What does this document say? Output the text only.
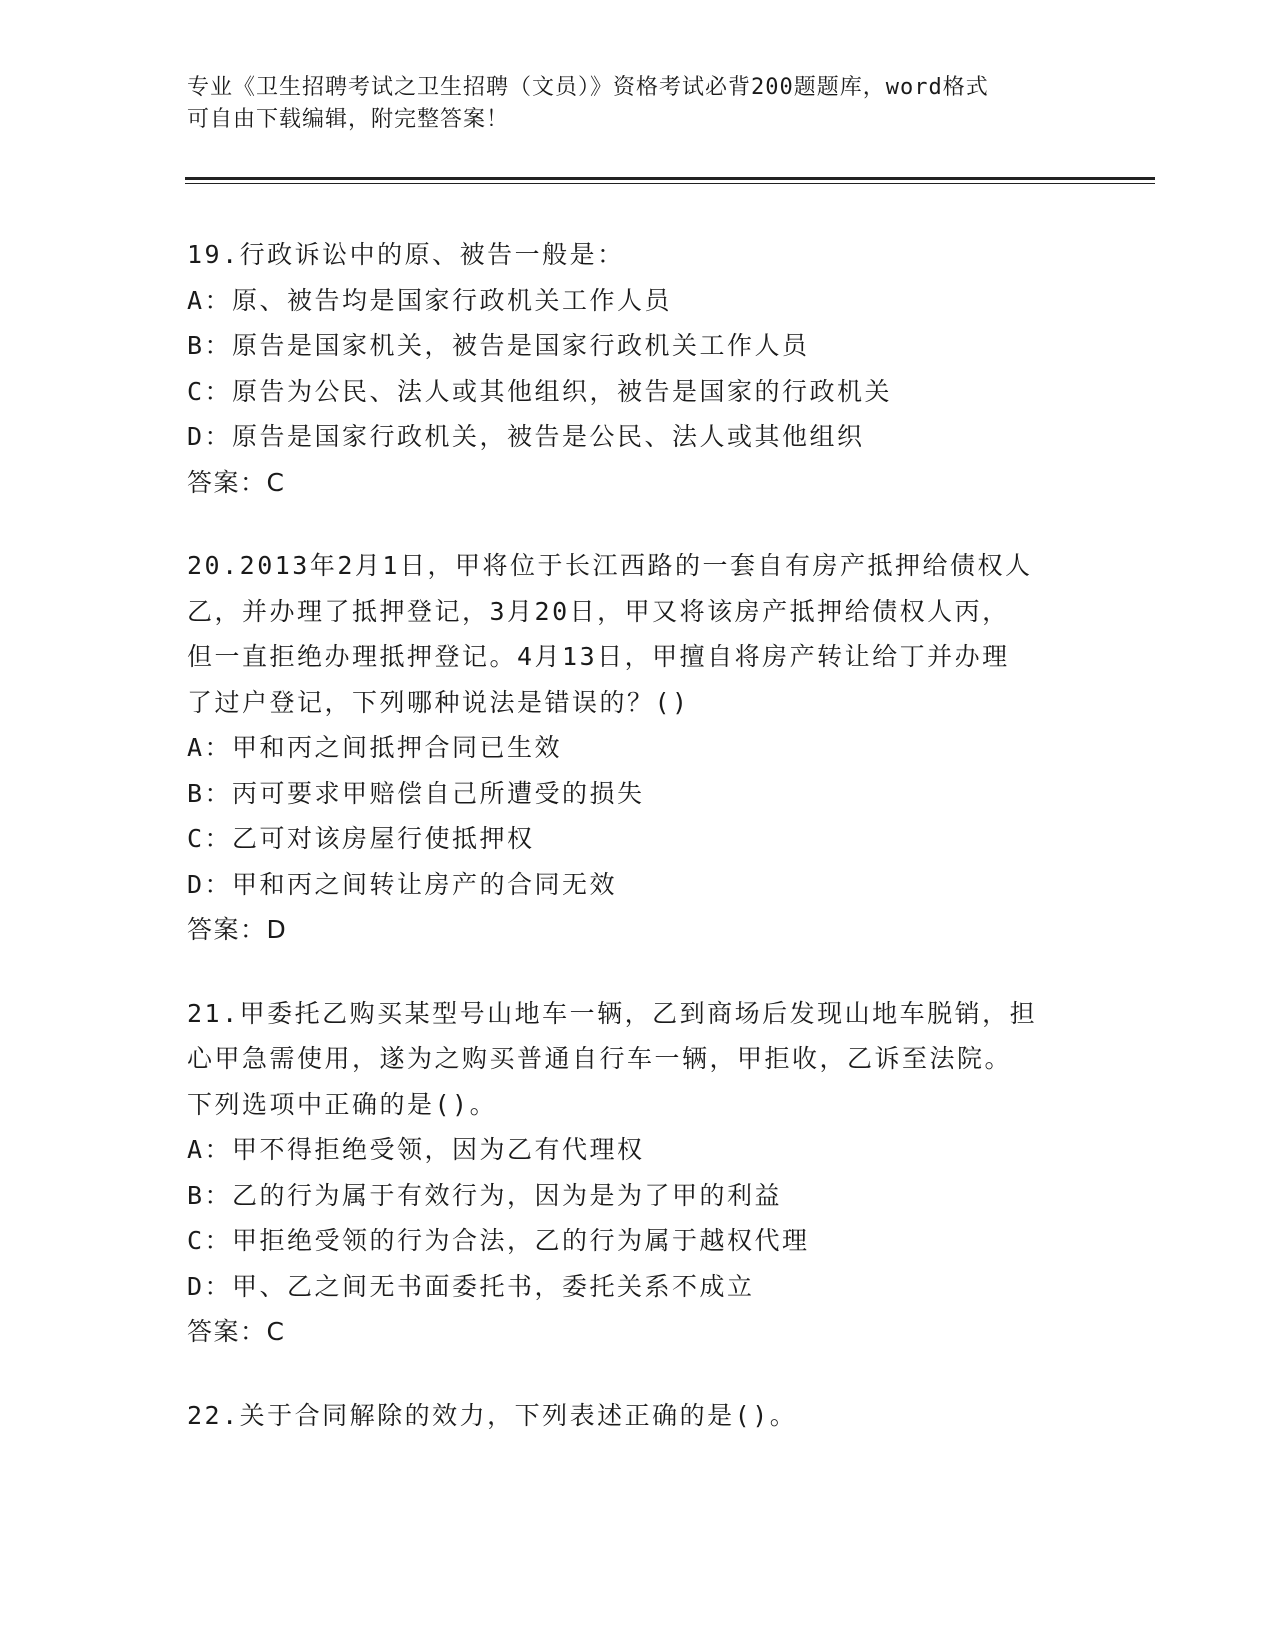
专业《卫生招聘考试之卫生招聘（文员）》资格考试必背200题题库，word格式
可自由下载编辑，附完整答案！
19.行政诉讼中的原、被告一般是：
A：原、被告均是国家行政机关工作人员
B：原告是国家机关，被告是国家行政机关工作人员
C：原告为公民、法人或其他组织，被告是国家的行政机关
D：原告是国家行政机关，被告是公民、法人或其他组织
答案：C
20.2013年2月1日，甲将位于长江西路的一套自有房产抵押给债权人
乙，并办理了抵押登记，3月20日，甲又将该房产抵押给债权人丙，
但一直拒绝办理抵押登记。4月13日，甲擅自将房产转让给丁并办理
了过户登记，下列哪种说法是错误的？()
A：甲和丙之间抵押合同已生效
B：丙可要求甲赔偿自己所遭受的损失
C：乙可对该房屋行使抵押权
D：甲和丙之间转让房产的合同无效
答案：D
21.甲委托乙购买某型号山地车一辆，乙到商场后发现山地车脱销，担
心甲急需使用，遂为之购买普通自行车一辆，甲拒收，乙诉至法院。
下列选项中正确的是()。
A：甲不得拒绝受领，因为乙有代理权
B：乙的行为属于有效行为，因为是为了甲的利益
C：甲拒绝受领的行为合法，乙的行为属于越权代理
D：甲、乙之间无书面委托书，委托关系不成立
答案：C
22.关于合同解除的效力，下列表述正确的是()。
